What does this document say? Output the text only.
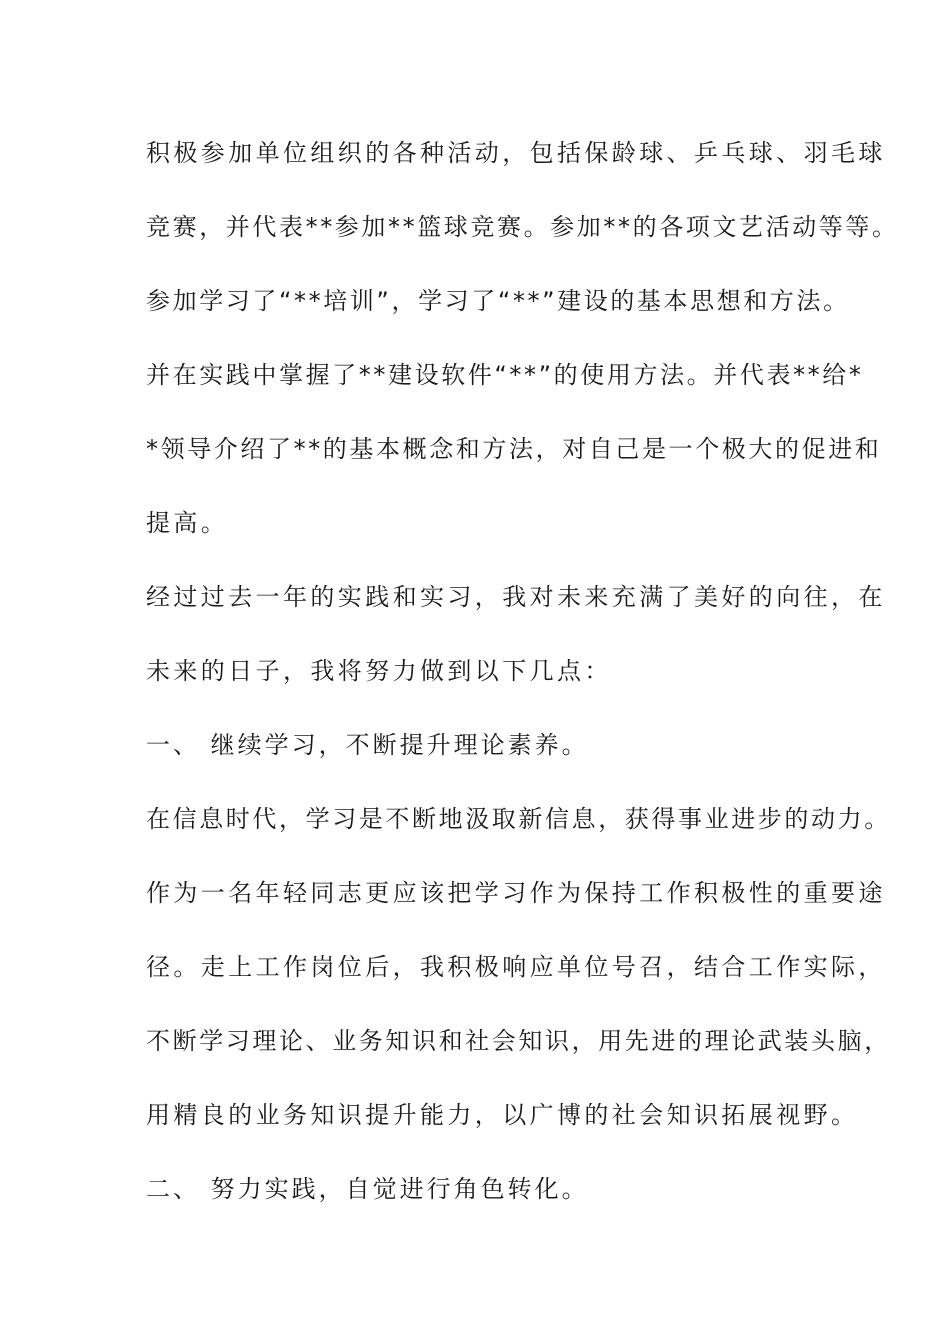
积极参加单位组织的各种活动，包括保龄球、乒乓球、羽毛球
竞赛，并代表**参加**篮球竞赛。参加**的各项文艺活动等等。
参加学习了“**培训”，学习了“**”建设的基本思想和方法。
并在实践中掌握了**建设软件“**”的使用方法。并代表**给*
*领导介绍了**的基本概念和方法，对自己是一个极大的促进和
提高。
经过过去一年的实践和实习，我对未来充满了美好的向往，在
未来的日子，我将努力做到以下几点：
一、 继续学习，不断提升理论素养。
在信息时代，学习是不断地汲取新信息，获得事业进步的动力。
作为一名年轻同志更应该把学习作为保持工作积极性的重要途
径。走上工作岗位后，我积极响应单位号召，结合工作实际，
不断学习理论、业务知识和社会知识，用先进的理论武装头脑，
用精良的业务知识提升能力，以广博的社会知识拓展视野。
二、 努力实践，自觉进行角色转化。
